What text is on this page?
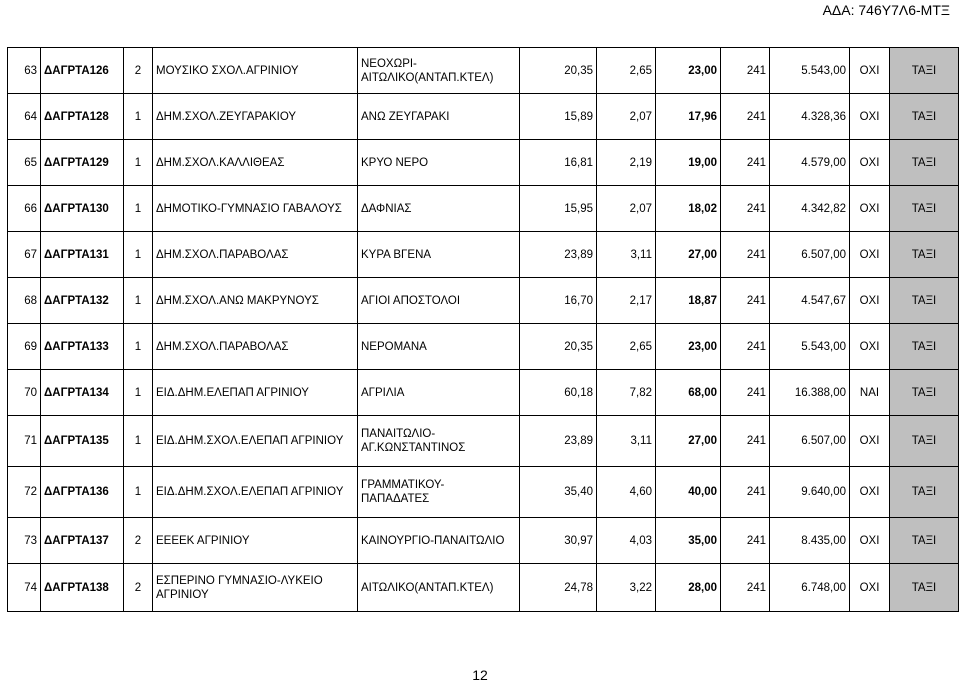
ΑΔΑ: 746Υ7Λ6-ΜΤΞ
63	ΔΑΓΡΤΑ126	2	ΜΟΥΣΙΚΟ ΣΧΟΛ.ΑΓΡΙΝΙΟΥ	ΝΕΟΧΩΡΙ-
ΑΙΤΩΛΙΚΟ(ΑΝΤΑΠ.ΚΤΕΛ)	20,35	2,65	23,00	241	5.543,00	ΟΧΙ	ΤΑΞΙ
64	ΔΑΓΡΤΑ128	1	ΔΗΜ.ΣΧΟΛ.ΖΕΥΓΑΡΑΚΙΟΥ	ΑΝΩ ΖΕΥΓΑΡΑΚΙ	15,89	2,07	17,96	241	4.328,36	ΟΧΙ	ΤΑΞΙ
65	ΔΑΓΡΤΑ129	1	ΔΗΜ.ΣΧΟΛ.ΚΑΛΛΙΘΕΑΣ	ΚΡΥΟ ΝΕΡΟ	16,81	2,19	19,00	241	4.579,00	ΟΧΙ	ΤΑΞΙ
66	ΔΑΓΡΤΑ130	1	ΔΗΜΟΤΙΚΟ-ΓΥΜΝΑΣΙΟ ΓΑΒΑΛΟΥΣ	ΔΑΦΝΙΑΣ	15,95	2,07	18,02	241	4.342,82	ΟΧΙ	ΤΑΞΙ
67	ΔΑΓΡΤΑ131	1	ΔΗΜ.ΣΧΟΛ.ΠΑΡΑΒΟΛΑΣ	ΚΥΡΑ ΒΓΕΝΑ	23,89	3,11	27,00	241	6.507,00	ΟΧΙ	ΤΑΞΙ
68	ΔΑΓΡΤΑ132	1	ΔΗΜ.ΣΧΟΛ.ΑΝΩ ΜΑΚΡΥΝΟΥΣ	ΑΓΙΟΙ ΑΠΟΣΤΟΛΟΙ	16,70	2,17	18,87	241	4.547,67	ΟΧΙ	ΤΑΞΙ
69	ΔΑΓΡΤΑ133	1	ΔΗΜ.ΣΧΟΛ.ΠΑΡΑΒΟΛΑΣ	ΝΕΡΟΜΑΝΑ	20,35	2,65	23,00	241	5.543,00	ΟΧΙ	ΤΑΞΙ
70	ΔΑΓΡΤΑ134	1	ΕΙΔ.ΔΗΜ.ΕΛΕΠΑΠ ΑΓΡΙΝΙΟΥ	ΑΓΡΙΛΙΑ	60,18	7,82	68,00	241	16.388,00	ΝΑΙ	ΤΑΞΙ
71	ΔΑΓΡΤΑ135	1	ΕΙΔ.ΔΗΜ.ΣΧΟΛ.ΕΛΕΠΑΠ ΑΓΡΙΝΙΟΥ	ΠΑΝΑΙΤΩΛΙΟ-
ΑΓ.ΚΩΝΣΤΑΝΤΙΝΟΣ	23,89	3,11	27,00	241	6.507,00	ΟΧΙ	ΤΑΞΙ
72	ΔΑΓΡΤΑ136	1	ΕΙΔ.ΔΗΜ.ΣΧΟΛ.ΕΛΕΠΑΠ ΑΓΡΙΝΙΟΥ	ΓΡΑΜΜΑΤΙΚΟΥ-
ΠΑΠΑΔΑΤΕΣ	35,40	4,60	40,00	241	9.640,00	ΟΧΙ	ΤΑΞΙ
73	ΔΑΓΡΤΑ137	2	ΕΕΕΕΚ ΑΓΡΙΝΙΟΥ	ΚΑΙΝΟΥΡΓΙΟ-ΠΑΝΑΙΤΩΛΙΟ	30,97	4,03	35,00	241	8.435,00	ΟΧΙ	ΤΑΞΙ
74	ΔΑΓΡΤΑ138	2	ΕΣΠΕΡΙΝΟ ΓΥΜΝΑΣΙΟ-ΛΥΚΕΙΟ
ΑΓΡΙΝΙΟΥ	ΑΙΤΩΛΙΚΟ(ΑΝΤΑΠ.ΚΤΕΛ)	24,78	3,22	28,00	241	6.748,00	ΟΧΙ	ΤΑΞΙ
12
